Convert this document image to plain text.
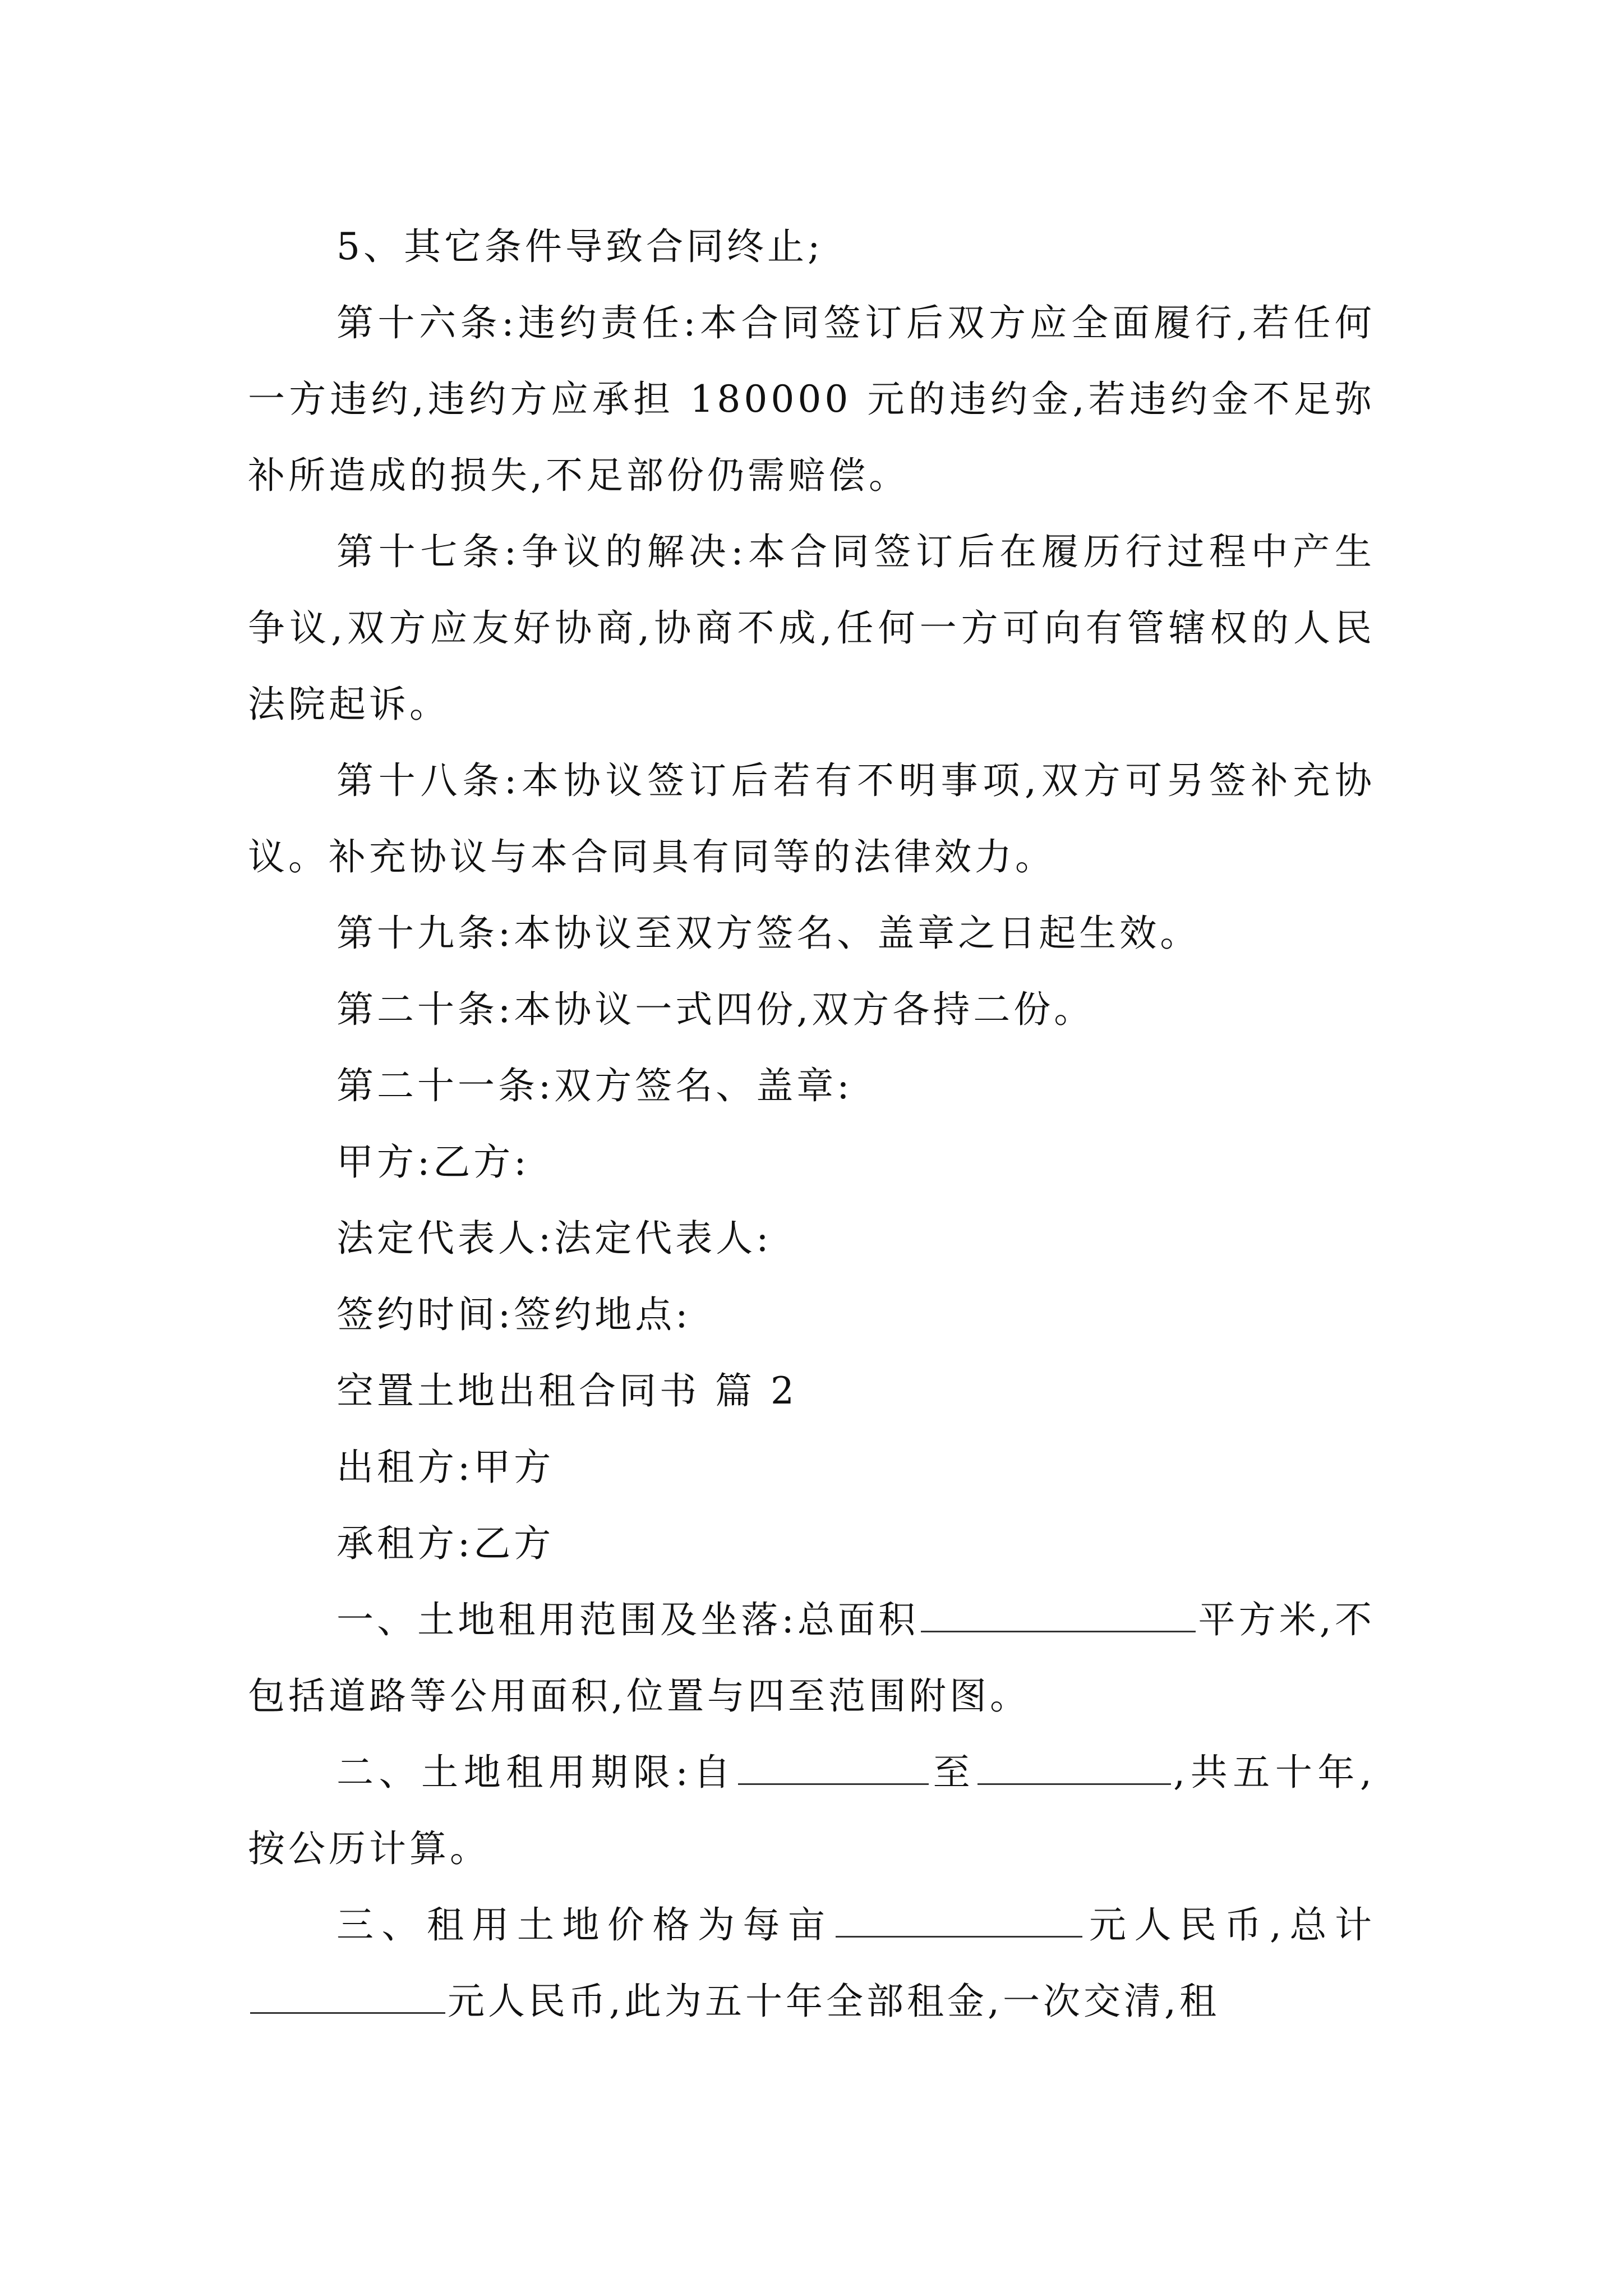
5、其它条件导致合同终止;

第十六条:违约责任:本合同签订后双方应全面履行,若任何一方违约,违约方应承担 180000 元的违约金,若违约金不足弥补所造成的损失,不足部份仍需赔偿。

第十七条:争议的解决:本合同签订后在履历行过程中产生争议,双方应友好协商,协商不成,任何一方可向有管辖权的人民法院起诉。

第十八条:本协议签订后若有不明事项,双方可另签补充协议。补充协议与本合同具有同等的法律效力。

第十九条:本协议至双方签名、盖章之日起生效。

第二十条:本协议一式四份,双方各持二份。

第二十一条:双方签名、盖章:

甲方:乙方:

法定代表人:法定代表人:

签约时间:签约地点:

空置土地出租合同书 篇 2

出租方:甲方

承租方:乙方

一、土地租用范围及坐落:总面积	平方米,不包括道路等公用面积,位置与四至范围附图。

二、土地租用期限:自	至	,共五十年,按公历计算。

三、租用土地价格为每亩	元人民币,总计元人民币,此为五十年全部租金,一次交清,租
